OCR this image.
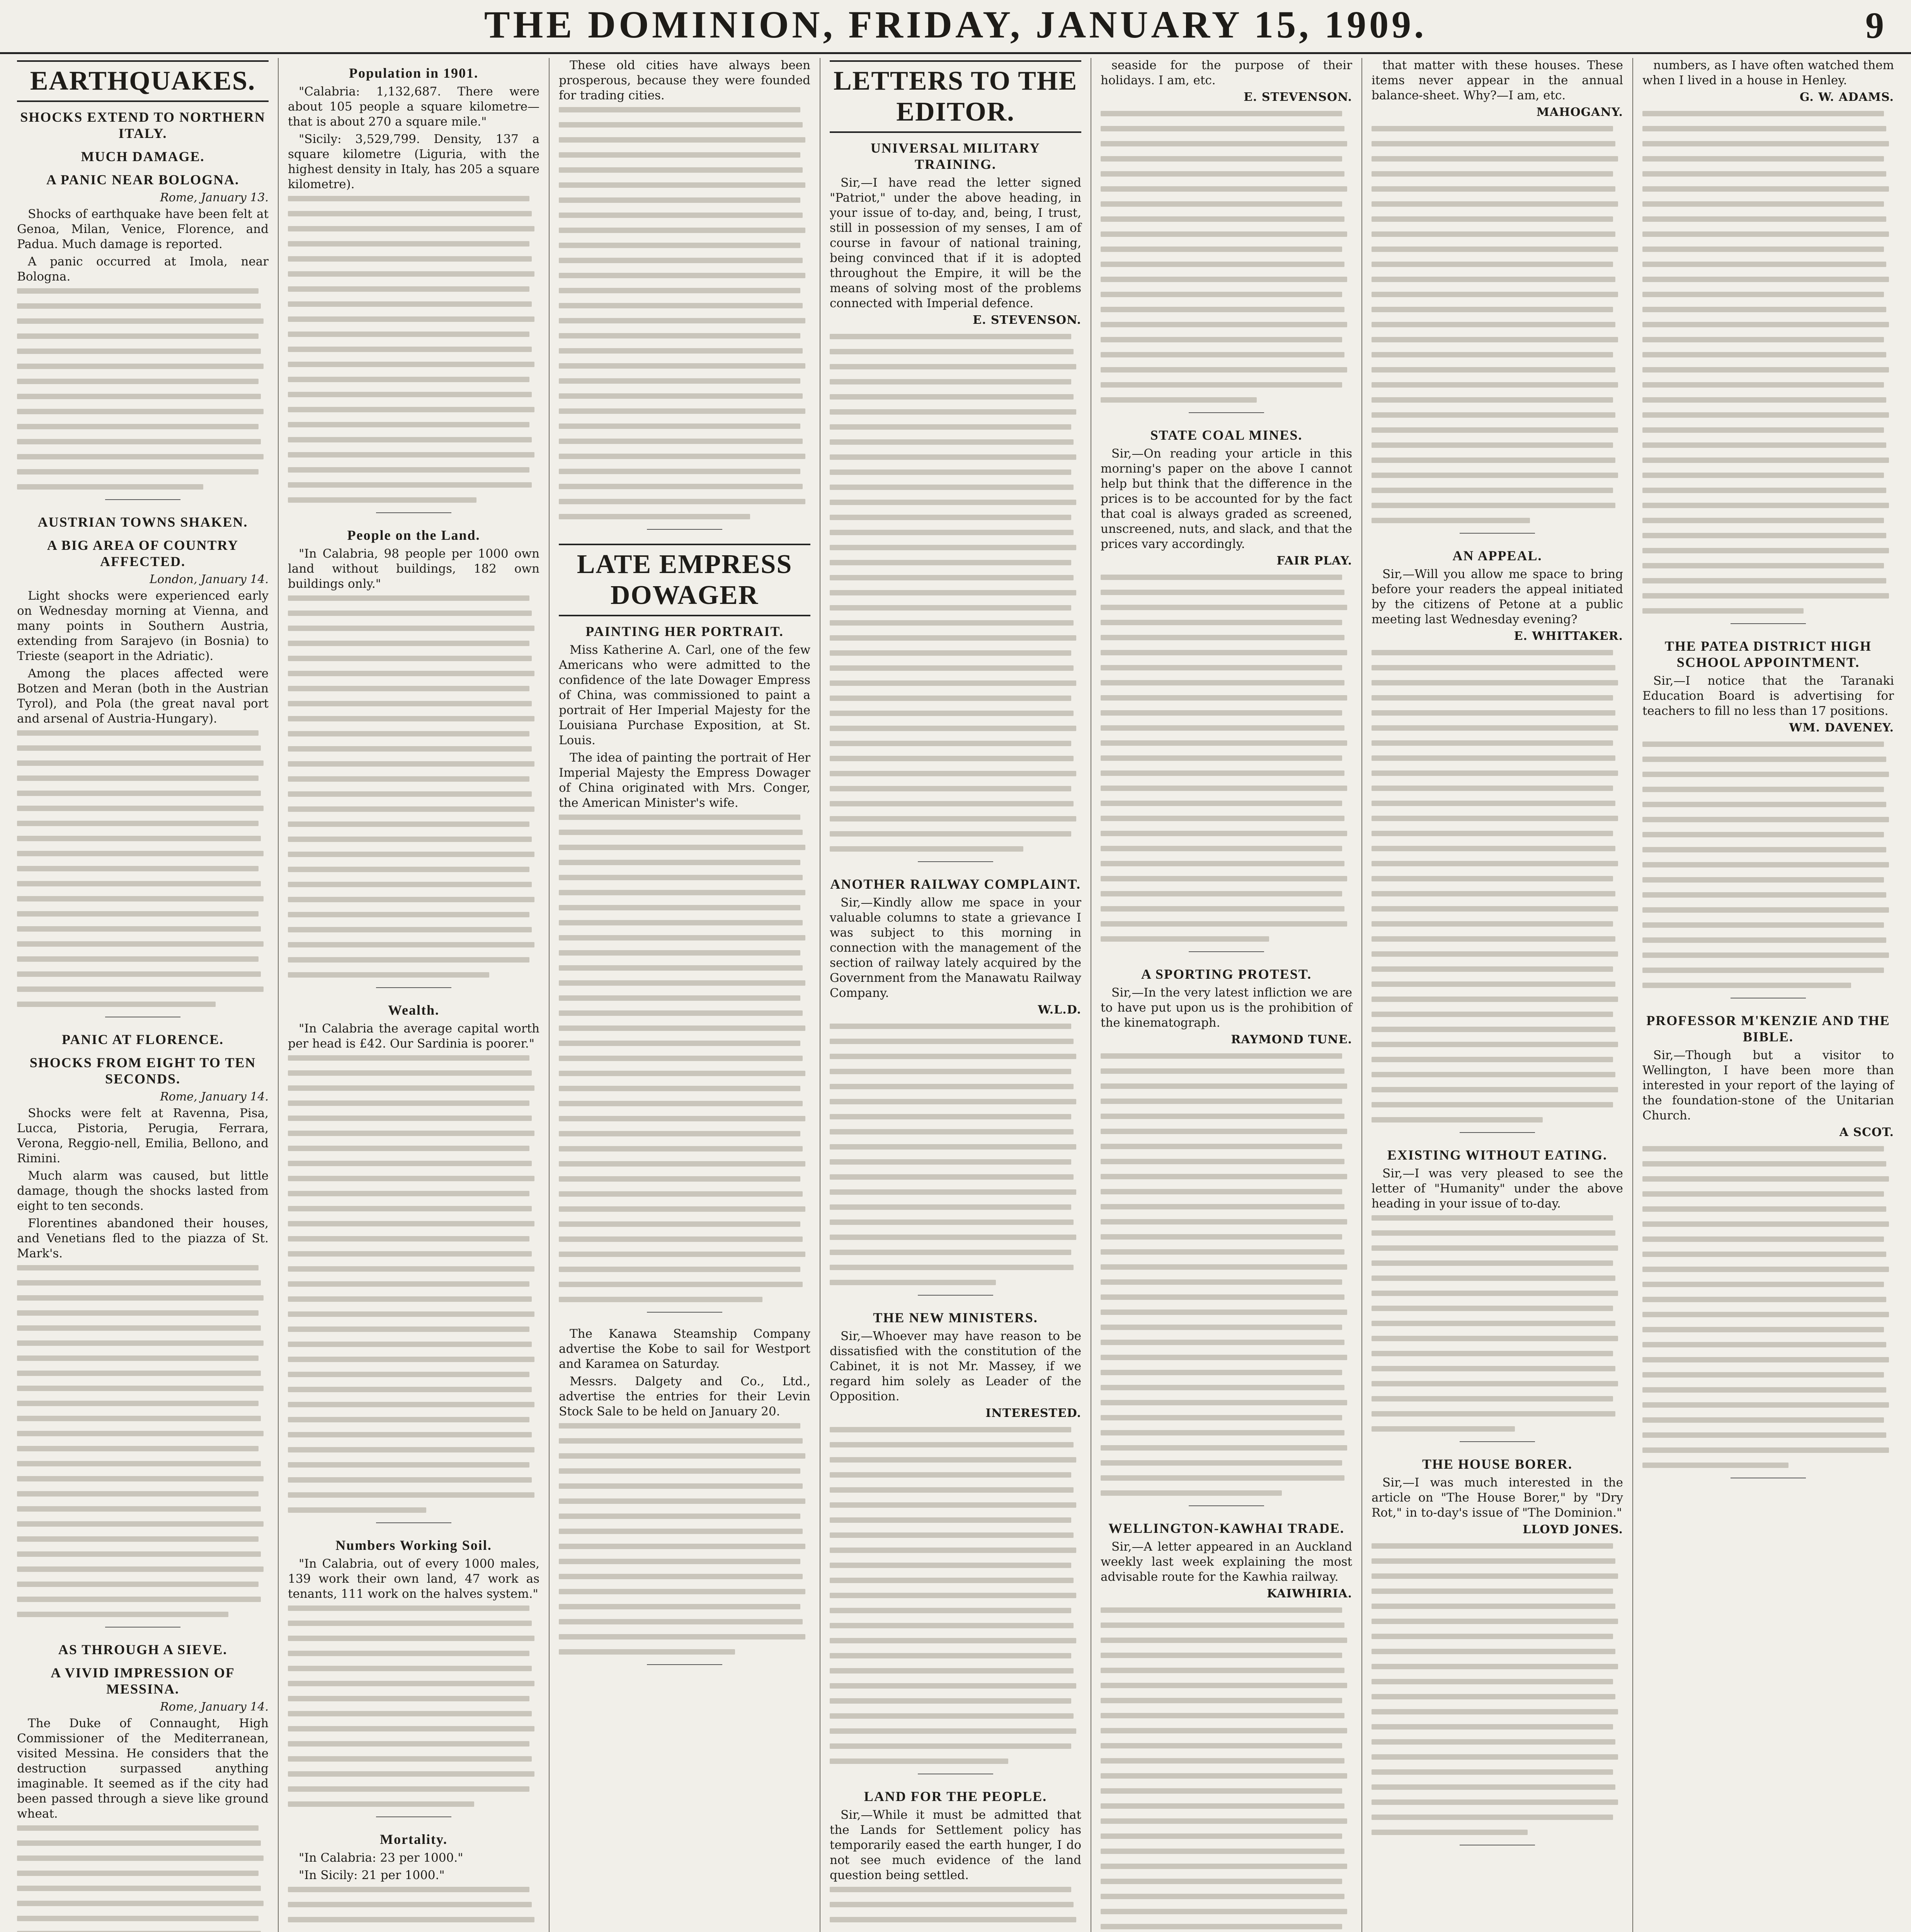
THE DOMINION, FRIDAY, JANUARY 15, 1909.	9
EARTHQUAKES.
SHOCKS EXTEND TO NORTHERN ITALY.
MUCH DAMAGE.
A PANIC NEAR BOLOGNA.
Rome, January 13.

Shocks of earthquake have been felt at Genoa, Milan, Venice, Florence, and Padua. Much damage is reported.

A panic occurred at Imola, near Bologna.

AUSTRIAN TOWNS SHAKEN.
A BIG AREA OF COUNTRY AFFECTED.
London, January 14.

Light shocks were experienced early on Wednesday morning at Vienna, and many points in Southern Austria, extending from Sarajevo (in Bosnia) to Trieste (seaport in the Adriatic).

Among the places affected were Botzen and Meran (both in the Austrian Tyrol), and Pola (the great naval port and arsenal of Austria-Hungary).

PANIC AT FLORENCE.
SHOCKS FROM EIGHT TO TEN SECONDS.
Rome, January 14.

Shocks were felt at Ravenna, Pisa, Lucca, Pistoria, Perugia, Ferrara, Verona, Reggio-nell, Emilia, Bellono, and Rimini.

Much alarm was caused, but little damage, though the shocks lasted from eight to ten seconds.

Florentines abandoned their houses, and Venetians fled to the piazza of St. Mark's.

AS THROUGH A SIEVE.
A VIVID IMPRESSION OF MESSINA.
Rome, January 14.

The Duke of Connaught, High Commissioner of the Mediterranean, visited Messina. He considers that the destruction surpassed anything imaginable. It seemed as if the city had been passed through a sieve like ground wheat.

Population in 1901.

"Calabria: 1,132,687. There were about 105 people a square kilometre—that is about 270 a square mile."

"Sicily: 3,529,799. Density, 137 a square kilometre (Liguria, with the highest density in Italy, has 205 a square kilometre).

People on the Land.

"In Calabria, 98 people per 1000 own land without buildings, 182 own buildings only."

Wealth.

"In Calabria the average capital worth per head is £42. Our Sardinia is poorer."

Numbers Working Soil.

"In Calabria, out of every 1000 males, 139 work their own land, 47 work as tenants, 111 work on the halves system."

Mortality.

"In Calabria: 23 per 1000."

"In Sicily: 21 per 1000."

These old cities have always been prosperous, because they were founded for trading cities.

LATE EMPRESS DOWAGER
PAINTING HER PORTRAIT.

Miss Katherine A. Carl, one of the few Americans who were admitted to the confidence of the late Dowager Empress of China, was commissioned to paint a portrait of Her Imperial Majesty for the Louisiana Purchase Exposition, at St. Louis.

The idea of painting the portrait of Her Imperial Majesty the Empress Dowager of China originated with Mrs. Conger, the American Minister's wife.

The Kanawa Steamship Company advertise the Kobe to sail for Westport and Karamea on Saturday.

Messrs. Dalgety and Co., Ltd., advertise the entries for their Levin Stock Sale to be held on January 20.

LETTERS TO THE EDITOR.
UNIVERSAL MILITARY TRAINING.

Sir,—I have read the letter signed "Patriot," under the above heading, in your issue of to-day, and, being, I trust, still in possession of my senses, I am of course in favour of national training, being convinced that if it is adopted throughout the Empire, it will be the means of solving most of the problems connected with Imperial defence.

E. STEVENSON.
ANOTHER RAILWAY COMPLAINT.

Sir,—Kindly allow me space in your valuable columns to state a grievance I was subject to this morning in connection with the management of the section of railway lately acquired by the Government from the Manawatu Railway Company.

W.L.D.
THE NEW MINISTERS.

Sir,—Whoever may have reason to be dissatisfied with the constitution of the Cabinet, it is not Mr. Massey, if we regard him solely as Leader of the Opposition.

INTERESTED.
LAND FOR THE PEOPLE.

Sir,—While it must be admitted that the Lands for Settlement policy has temporarily eased the earth hunger, I do not see much evidence of the land question being settled.

seaside for the purpose of their holidays. I am, etc.

E. STEVENSON.
STATE COAL MINES.

Sir,—On reading your article in this morning's paper on the above I cannot help but think that the difference in the prices is to be accounted for by the fact that coal is always graded as screened, unscreened, nuts, and slack, and that the prices vary accordingly.

FAIR PLAY.
A SPORTING PROTEST.

Sir,—In the very latest infliction we are to have put upon us is the prohibition of the kinematograph.

RAYMOND TUNE.
WELLINGTON-KAWHAI TRADE.

Sir,—A letter appeared in an Auckland weekly last week explaining the most advisable route for the Kawhia railway.

KAIWHIRIA.

that matter with these houses. These items never appear in the annual balance-sheet. Why?—I am, etc.

MAHOGANY.
AN APPEAL.

Sir,—Will you allow me space to bring before your readers the appeal initiated by the citizens of Petone at a public meeting last Wednesday evening?

E. WHITTAKER.
EXISTING WITHOUT EATING.

Sir,—I was very pleased to see the letter of "Humanity" under the above heading in your issue of to-day.

THE HOUSE BORER.

Sir,—I was much interested in the article on "The House Borer," by "Dry Rot," in to-day's issue of "The Dominion."

LLOYD JONES.

numbers, as I have often watched them when I lived in a house in Henley.

G. W. ADAMS.
THE PATEA DISTRICT HIGH SCHOOL APPOINTMENT.

Sir,—I notice that the Taranaki Education Board is advertising for teachers to fill no less than 17 positions.

WM. DAVENEY.
PROFESSOR M'KENZIE AND THE BIBLE.

Sir,—Though but a visitor to Wellington, I have been more than interested in your report of the laying of the foundation-stone of the Unitarian Church.

A SCOT.
